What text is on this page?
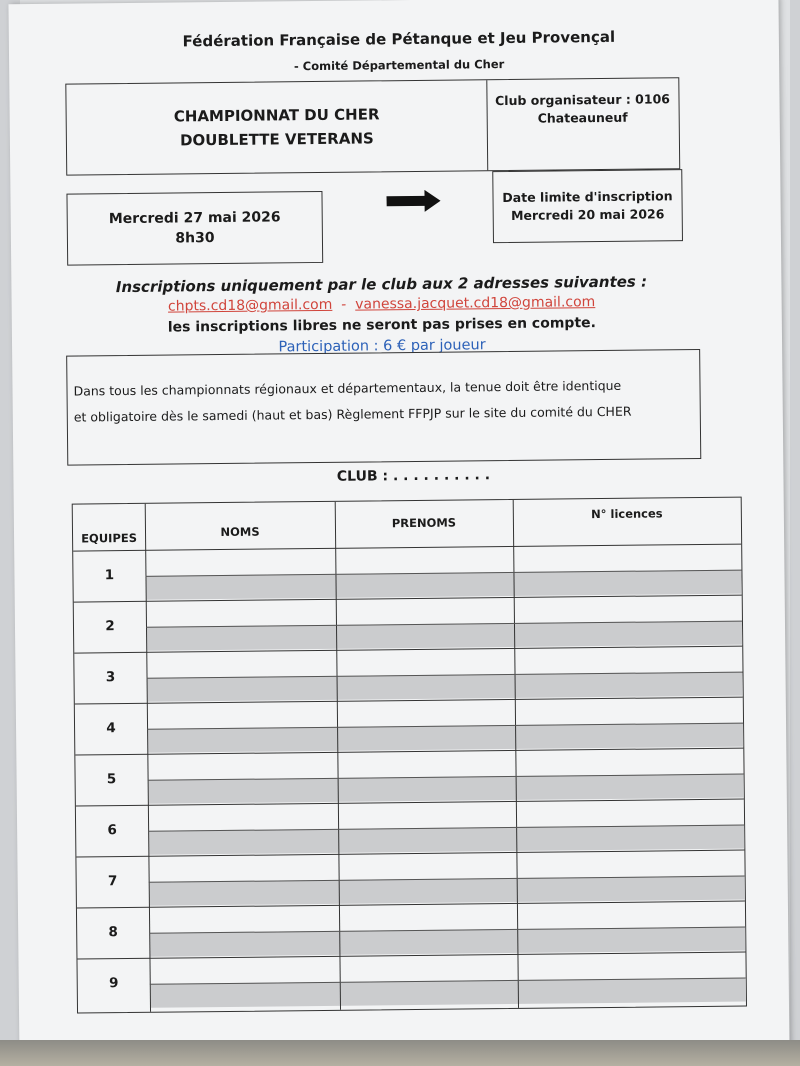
Fédération Française de Pétanque et Jeu Provençal
- Comité Départemental du Cher
CHAMPIONNAT DU CHER
DOUBLETTE VETERANS
Club organisateur : 0106
Chateauneuf
Mercredi 27 mai 2026
8h30
Date limite d'inscription
Mercredi 20 mai 2026
Inscriptions uniquement par le club aux 2 adresses suivantes :
chpts.cd18@gmail.com  -  vanessa.jacquet.cd18@gmail.com
les inscriptions libres ne seront pas prises en compte.
Participation : 6 € par joueur
Dans tous les championnats régionaux et départementaux, la tenue doit être identique
et obligatoire dès le samedi (haut et bas) Règlement FFPJP sur le site du comité du CHER
CLUB : . . . . . . . . . .
EQUIPES	NOMS
PRENOMS
N° licences
1
2
3
4
5
6
7
8
9
